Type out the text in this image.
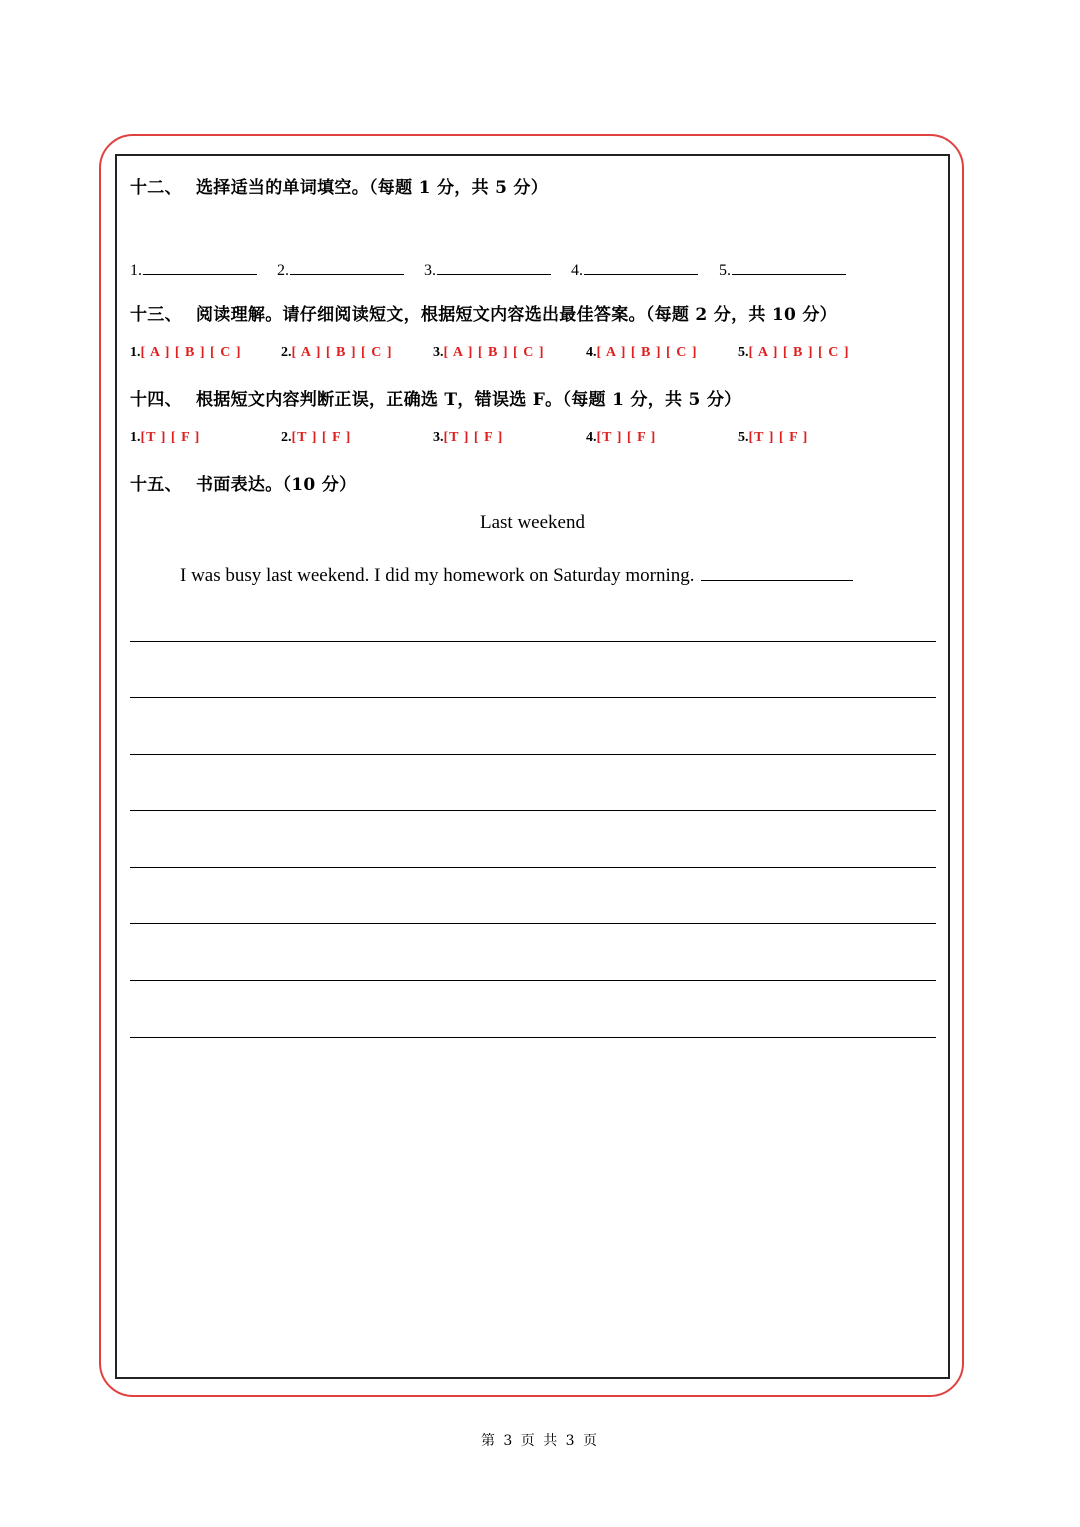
十二、 选择适当的单词填空。（每题 1 分，共 5 分）
1.	2.	3.	4.	5.
十三、 阅读理解。请仔细阅读短文，根据短文内容选出最佳答案。（每题 2 分，共 10 分）
1.[ A ] [ B ] [ C ]	2.[ A ] [ B ] [ C ]	3.[ A ] [ B ] [ C ]	4.[ A ] [ B ] [ C ]	5.[ A ] [ B ] [ C ]
十四、 根据短文内容判断正误，正确选 T，错误选 F。（每题 1 分，共 5 分）
1.[T ] [ F ]	2.[T ] [ F ]	3.[T ] [ F ]	4.[T ] [ F ]	5.[T ] [ F ]
十五、 书面表达。（10 分）
Last weekend
I was busy last weekend. I did my homework on Saturday morning.
第 3 页 共 3 页
